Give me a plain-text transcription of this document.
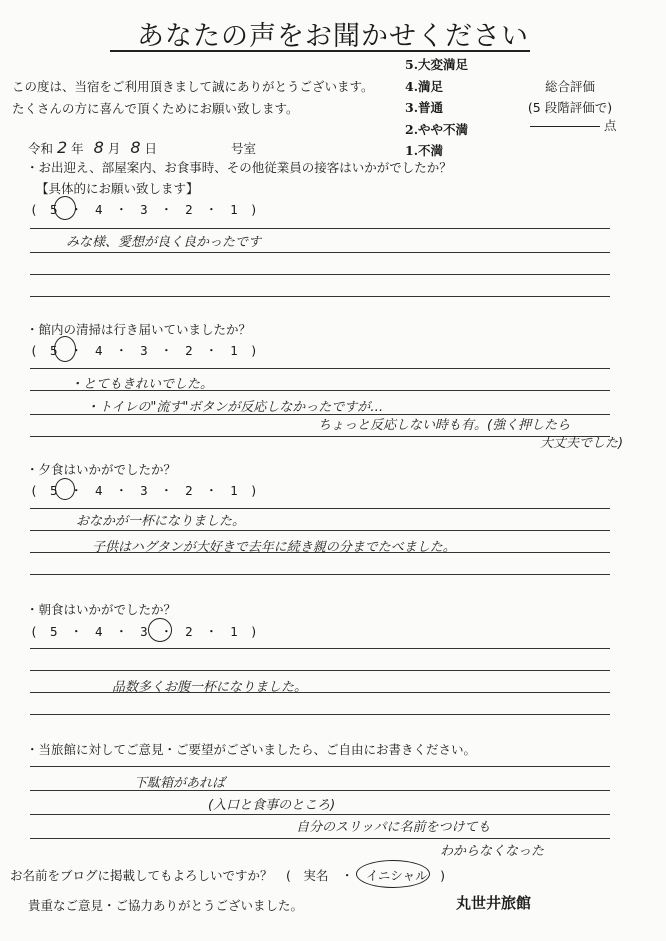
あなたの声をお聞かせください
この度は、当宿をご利用頂きまして誠にありがとうございます。
たくさんの方に喜んで頂くためにお願い致します。
5.大変満足
4.満足
3.普通
2.やや不満
1.不満
総合評価
(5 段階評価で)
点
令和 2 年 8 月 8 日	号室
・お出迎え、部屋案内、お食事時、その他従業員の接客はいかがでしたか？
【具体的にお願い致します】
(　5　・　4　・　3　・　2　・　1　)
みな様、愛想が良く良かったです
・館内の清掃は行き届いていましたか？
(　5　・　4　・　3　・　2　・　1　)
・とてもきれいでした。
・トイレの"流す"ボタンが反応しなかったですが…
ちょっと反応しない時も有。(強く押したら
大丈夫でした)
・夕食はいかがでしたか？
(　5　・　4　・　3　・　2　・　1　)
おなかが一杯になりました。
子供はハグタンが大好きで去年に続き親の分までたべました。
・朝食はいかがでしたか？
(　5　・　4　・　3　・　2　・　1　)
品数多くお腹一杯になりました。
・当旅館に対してご意見・ご要望がございましたら、ご自由にお書きください。
下駄箱があれば
(入口と食事のところ)
自分のスリッパに名前をつけても
わからなくなった
お名前をブログに掲載してもよろしいですか？ (　実名　・　イニシャル　)
貴重なご意見・ご協力ありがとうございました。	丸世井旅館
